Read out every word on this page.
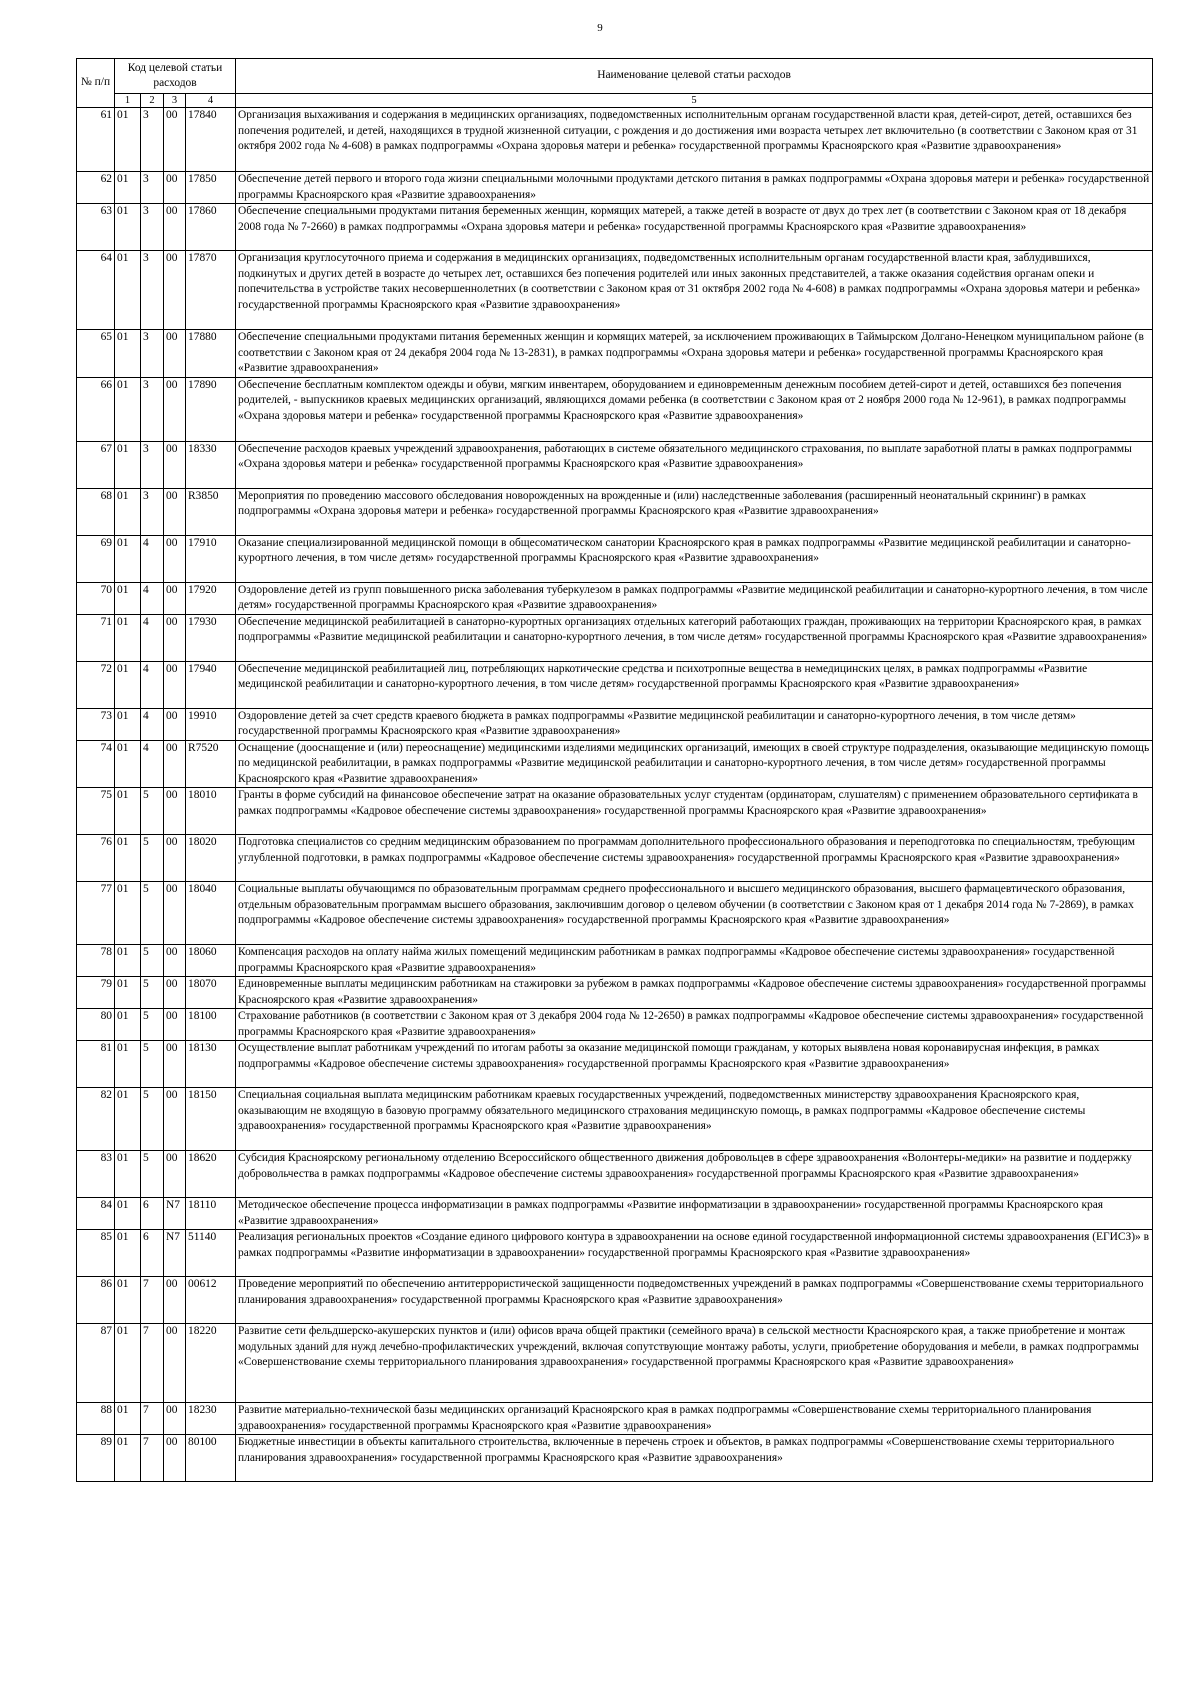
9
№ п/п	Код целевой статьи расходов				Наименование целевой статьи расходов
	1	2	3	4	5
61	01	3	00	17840	Организация выхаживания и содержания в медицинских организациях, подведомственных исполнительным органам государственной власти края, детей-сирот, детей, оставшихся без попечения родителей, и детей, находящихся в трудной жизненной ситуации, с рождения и до достижения ими возраста четырех лет включительно (в соответствии с Законом края от 31 октября 2002 года № 4-608) в рамках подпрограммы «Охрана здоровья матери и ребенка» государственной программы Красноярского края «Развитие здравоохранения»
62	01	3	00	17850	Обеспечение детей первого и второго года жизни специальными молочными продуктами детского питания в рамках подпрограммы «Охрана здоровья матери и ребенка» государственной программы Красноярского края «Развитие здравоохранения»
63	01	3	00	17860	Обеспечение специальными продуктами питания беременных женщин, кормящих матерей, а также детей в возрасте от двух до трех лет (в соответствии с Законом края от 18 декабря 2008 года № 7-2660) в рамках подпрограммы «Охрана здоровья матери и ребенка» государственной программы Красноярского края «Развитие здравоохранения»
64	01	3	00	17870	Организация круглосуточного приема и содержания в медицинских организациях, подведомственных исполнительным органам государственной власти края, заблудившихся, подкинутых и других детей в возрасте до четырех лет, оставшихся без попечения родителей или иных законных представителей, а также оказания содействия органам опеки и попечительства в устройстве таких несовершеннолетних (в соответствии с Законом края от 31 октября 2002 года № 4-608) в рамках подпрограммы «Охрана здоровья матери и ребенка» государственной программы Красноярского края «Развитие здравоохранения»
65	01	3	00	17880	Обеспечение специальными продуктами питания беременных женщин и кормящих матерей, за исключением проживающих в Таймырском Долгано-Ненецком муниципальном районе (в соответствии с Законом края от 24 декабря 2004 года № 13-2831), в рамках подпрограммы «Охрана здоровья матери и ребенка» государственной программы Красноярского края «Развитие здравоохранения»
66	01	3	00	17890	Обеспечение бесплатным комплектом одежды и обуви, мягким инвентарем, оборудованием и единовременным денежным пособием детей-сирот и детей, оставшихся без попечения родителей, - выпускников краевых медицинских организаций, являющихся домами ребенка (в соответствии с Законом края от 2 ноября 2000 года № 12-961), в рамках подпрограммы «Охрана здоровья матери и ребенка» государственной программы Красноярского края «Развитие здравоохранения»
67	01	3	00	18330	Обеспечение расходов краевых учреждений здравоохранения, работающих в системе обязательного медицинского страхования, по выплате заработной платы в рамках подпрограммы «Охрана здоровья матери и ребенка» государственной программы Красноярского края «Развитие здравоохранения»
68	01	3	00	R3850	Мероприятия по проведению массового обследования новорожденных на врожденные и (или) наследственные заболевания (расширенный неонатальный скрининг) в рамках подпрограммы «Охрана здоровья матери и ребенка» государственной программы Красноярского края «Развитие здравоохранения»
69	01	4	00	17910	Оказание специализированной медицинской помощи в общесоматическом санатории Красноярского края в рамках подпрограммы «Развитие медицинской реабилитации и санаторно-курортного лечения, в том числе детям» государственной программы Красноярского края «Развитие здравоохранения»
70	01	4	00	17920	Оздоровление детей из групп повышенного риска заболевания туберкулезом в рамках подпрограммы «Развитие медицинской реабилитации и санаторно-курортного лечения, в том числе детям» государственной программы Красноярского края «Развитие здравоохранения»
71	01	4	00	17930	Обеспечение медицинской реабилитацией в санаторно-курортных организациях отдельных категорий работающих граждан, проживающих на территории Красноярского края, в рамках подпрограммы «Развитие медицинской реабилитации и санаторно-курортного лечения, в том числе детям» государственной программы Красноярского края «Развитие здравоохранения»
72	01	4	00	17940	Обеспечение медицинской реабилитацией лиц, потребляющих наркотические средства и психотропные вещества в немедицинских целях, в рамках подпрограммы «Развитие медицинской реабилитации и санаторно-курортного лечения, в том числе детям» государственной программы Красноярского края «Развитие здравоохранения»
73	01	4	00	19910	Оздоровление детей за счет средств краевого бюджета в рамках подпрограммы «Развитие медицинской реабилитации и санаторно-курортного лечения, в том числе детям» государственной программы Красноярского края «Развитие здравоохранения»
74	01	4	00	R7520	Оснащение (дооснащение и (или) переоснащение) медицинскими изделиями медицинских организаций, имеющих в своей структуре подразделения, оказывающие медицинскую помощь по медицинской реабилитации, в рамках подпрограммы «Развитие медицинской реабилитации и санаторно-курортного лечения, в том числе детям» государственной программы Красноярского края «Развитие здравоохранения»
75	01	5	00	18010	Гранты в форме субсидий на финансовое обеспечение затрат на оказание образовательных услуг студентам (ординаторам, слушателям) с применением образовательного сертификата в рамках подпрограммы «Кадровое обеспечение системы здравоохранения» государственной программы Красноярского края «Развитие здравоохранения»
76	01	5	00	18020	Подготовка специалистов со средним медицинским образованием по программам дополнительного профессионального образования и переподготовка по специальностям, требующим углубленной подготовки, в рамках подпрограммы «Кадровое обеспечение системы здравоохранения» государственной программы Красноярского края «Развитие здравоохранения»
77	01	5	00	18040	Социальные выплаты обучающимся по образовательным программам среднего профессионального и высшего медицинского образования, высшего фармацевтического образования, отдельным образовательным программам высшего образования, заключившим договор о целевом обучении (в соответствии с Законом края от 1 декабря 2014 года № 7-2869), в рамках подпрограммы «Кадровое обеспечение системы здравоохранения» государственной программы Красноярского края «Развитие здравоохранения»
78	01	5	00	18060	Компенсация расходов на оплату найма жилых помещений медицинским работникам в рамках подпрограммы «Кадровое обеспечение системы здравоохранения» государственной программы Красноярского края «Развитие здравоохранения»
79	01	5	00	18070	Единовременные выплаты медицинским работникам на стажировки за рубежом в рамках подпрограммы «Кадровое обеспечение системы здравоохранения» государственной программы Красноярского края «Развитие здравоохранения»
80	01	5	00	18100	Страхование работников (в соответствии с Законом края от 3 декабря 2004 года № 12-2650) в рамках подпрограммы «Кадровое обеспечение системы здравоохранения» государственной программы Красноярского края «Развитие здравоохранения»
81	01	5	00	18130	Осуществление выплат работникам учреждений по итогам работы за оказание медицинской помощи гражданам, у которых выявлена новая коронавирусная инфекция, в рамках подпрограммы «Кадровое обеспечение системы здравоохранения» государственной программы Красноярского края «Развитие здравоохранения»
82	01	5	00	18150	Специальная социальная выплата медицинским работникам краевых государственных учреждений, подведомственных министерству здравоохранения Красноярского края, оказывающим не входящую в базовую программу обязательного медицинского страхования медицинскую помощь, в рамках подпрограммы «Кадровое обеспечение системы здравоохранения» государственной программы Красноярского края «Развитие здравоохранения»
83	01	5	00	18620	Субсидия Красноярскому региональному отделению Всероссийского общественного движения добровольцев в сфере здравоохранения «Волонтеры-медики» на развитие и поддержку добровольчества в рамках подпрограммы «Кадровое обеспечение системы здравоохранения» государственной программы Красноярского края «Развитие здравоохранения»
84	01	6	N7	18110	Методическое обеспечение процесса информатизации в рамках подпрограммы «Развитие информатизации в здравоохранении» государственной программы Красноярского края «Развитие здравоохранения»
85	01	6	N7	51140	Реализация региональных проектов «Создание единого цифрового контура в здравоохранении на основе единой государственной информационной системы здравоохранения (ЕГИСЗ)» в рамках подпрограммы «Развитие информатизации в здравоохранении» государственной программы Красноярского края «Развитие здравоохранения»
86	01	7	00	00612	Проведение мероприятий по обеспечению антитеррористической защищенности подведомственных учреждений в рамках подпрограммы «Совершенствование схемы территориального планирования здравоохранения» государственной программы Красноярского края «Развитие здравоохранения»
87	01	7	00	18220	Развитие сети фельдшерско-акушерских пунктов и (или) офисов врача общей практики (семейного врача) в сельской местности Красноярского края, а также приобретение и монтаж модульных зданий для нужд лечебно-профилактических учреждений, включая сопутствующие монтажу работы, услуги, приобретение оборудования и мебели, в рамках подпрограммы «Совершенствование схемы территориального планирования здравоохранения» государственной программы Красноярского края «Развитие здравоохранения»
88	01	7	00	18230	Развитие материально-технической базы медицинских организаций Красноярского края в рамках подпрограммы «Совершенствование схемы территориального планирования здравоохранения» государственной программы Красноярского края «Развитие здравоохранения»
89	01	7	00	80100	Бюджетные инвестиции в объекты капитального строительства, включенные в перечень строек и объектов, в рамках подпрограммы «Совершенствование схемы территориального планирования здравоохранения» государственной программы Красноярского края «Развитие здравоохранения»
